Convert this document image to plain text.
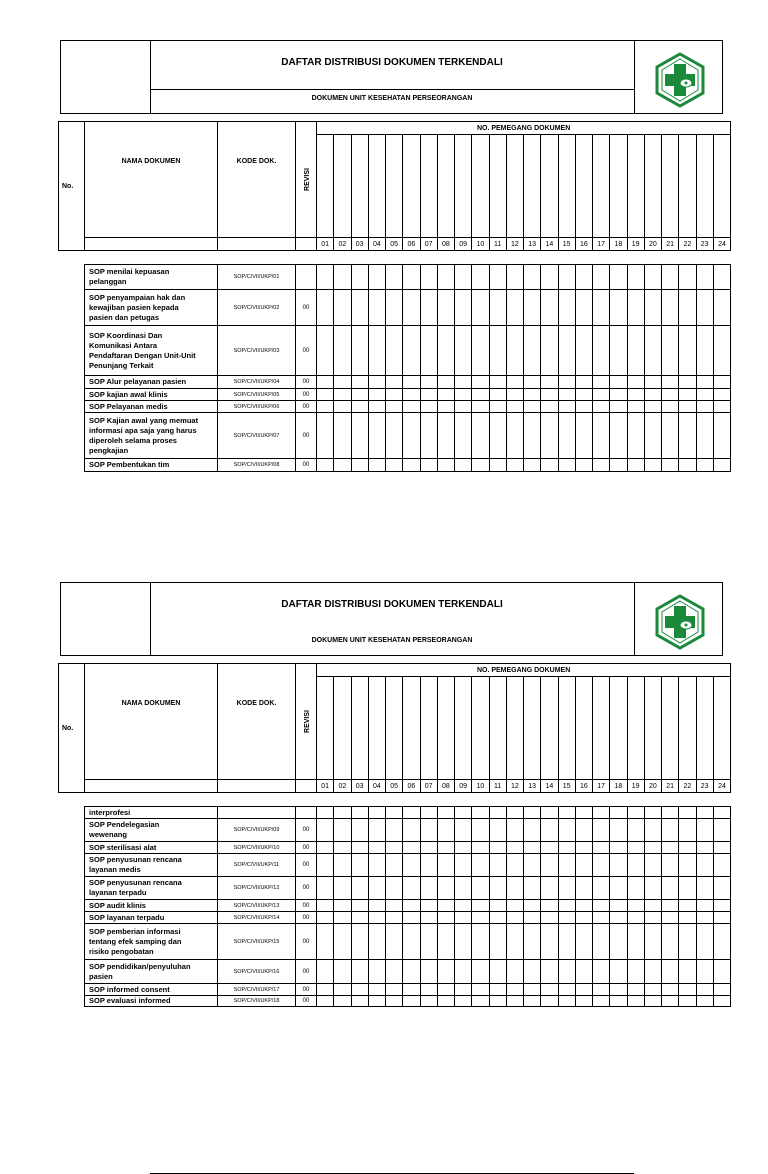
DAFTAR DISTRIBUSI DOKUMEN TERKENDALI
DOKUMEN UNIT KESEHATAN PERSEORANGAN
No.	NAMA DOKUMEN	KODE DOK.	REVISI	NO. PEMEGANG DOKUMEN																							

				01	02	03	04	05	06	07	08	09	10	11	12	13	14	15	16	17	18	19	20	21	22	23	24
SOP menilai kepuasan
pelanggan	SOP/C/VII/UKP/01																									

SOP penyampaian hak dan
kewajiban pasien kepada
pasien dan petugas	SOP/C/VII/UKP/02	00																								

SOP Koordinasi Dan
Komunikasi Antara
Pendaftaran Dengan Unit-Unit
Penunjang Terkait	SOP/C/VII/UKP/03	00																								

SOP Alur pelayanan pasien	SOP/C/VII/UKP/04	00																								

SOP kajian awal klinis	SOP/C/VII/UKP/05	00																								

SOP Pelayanan medis	SOP/C/VII/UKP/06	00																								

SOP Kajian awal yang memuat
informasi apa saja yang harus
diperoleh selama proses
pengkajian	SOP/C/VII/UKP/07	00																								

SOP Pembentukan tim	SOP/C/VII/UKP/08	00																								
DAFTAR DISTRIBUSI DOKUMEN TERKENDALI
DOKUMEN UNIT KESEHATAN PERSEORANGAN
No.	NAMA DOKUMEN	KODE DOK.	REVISI	NO. PEMEGANG DOKUMEN																							

				01	02	03	04	05	06	07	08	09	10	11	12	13	14	15	16	17	18	19	20	21	22	23	24
interprofesi																										

SOP Pendelegasian
wewenang	SOP/C/VII/UKP/09	00																								

SOP sterilisasi alat	SOP/C/VII/UKP/10	00																								

SOP penyusunan rencana
layanan medis	SOP/C/VII/UKP/11	00																								

SOP penyusunan rencana
layanan terpadu	SOP/C/VII/UKP/12	00																								

SOP audit klinis	SOP/C/VII/UKP/13	00																								

SOP layanan terpadu	SOP/C/VII/UKP/14	00																								

SOP pemberian informasi
tentang efek samping dan
risiko pengobatan	SOP/C/VII/UKP/15	00																								

SOP pendidikan/penyuluhan
pasien	SOP/C/VII/UKP/16	00																								

SOP informed consent	SOP/C/VII/UKP/17	00																								

SOP evaluasi informed	SOP/C/VII/UKP/18	00																								
